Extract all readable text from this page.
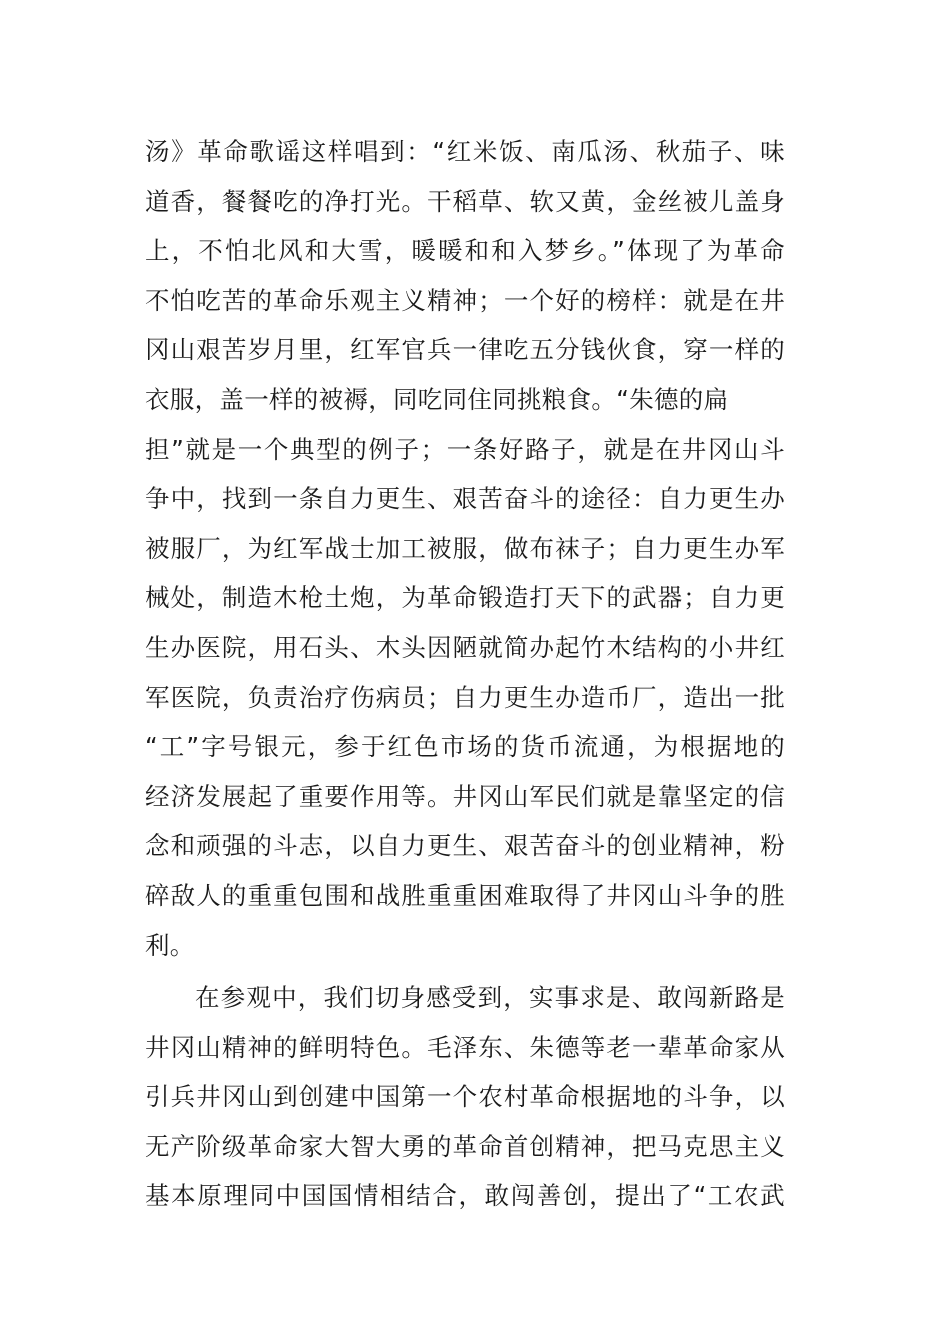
汤》革命歌谣这样唱到：“红米饭、南瓜汤、秋茄子、味
道香，餐餐吃的净打光。干稻草、软又黄，金丝被儿盖身
上，不怕北风和大雪，暖暖和和入梦乡。”体现了为革命
不怕吃苦的革命乐观主义精神；一个好的榜样：就是在井
冈山艰苦岁月里，红军官兵一律吃五分钱伙食，穿一样的
衣服，盖一样的被褥，同吃同住同挑粮食。“朱德的扁
担”就是一个典型的例子；一条好路子，就是在井冈山斗
争中，找到一条自力更生、艰苦奋斗的途径：自力更生办
被服厂，为红军战士加工被服，做布袜子；自力更生办军
械处，制造木枪土炮，为革命锻造打天下的武器；自力更
生办医院，用石头、木头因陋就简办起竹木结构的小井红
军医院，负责治疗伤病员；自力更生办造币厂，造出一批
“工”字号银元，参于红色市场的货币流通，为根据地的
经济发展起了重要作用等。井冈山军民们就是靠坚定的信
念和顽强的斗志，以自力更生、艰苦奋斗的创业精神，粉
碎敌人的重重包围和战胜重重困难取得了井冈山斗争的胜
利。
在参观中，我们切身感受到，实事求是、敢闯新路是
井冈山精神的鲜明特色。毛泽东、朱德等老一辈革命家从
引兵井冈山到创建中国第一个农村革命根据地的斗争，以
无产阶级革命家大智大勇的革命首创精神，把马克思主义
基本原理同中国国情相结合，敢闯善创，提出了“工农武
